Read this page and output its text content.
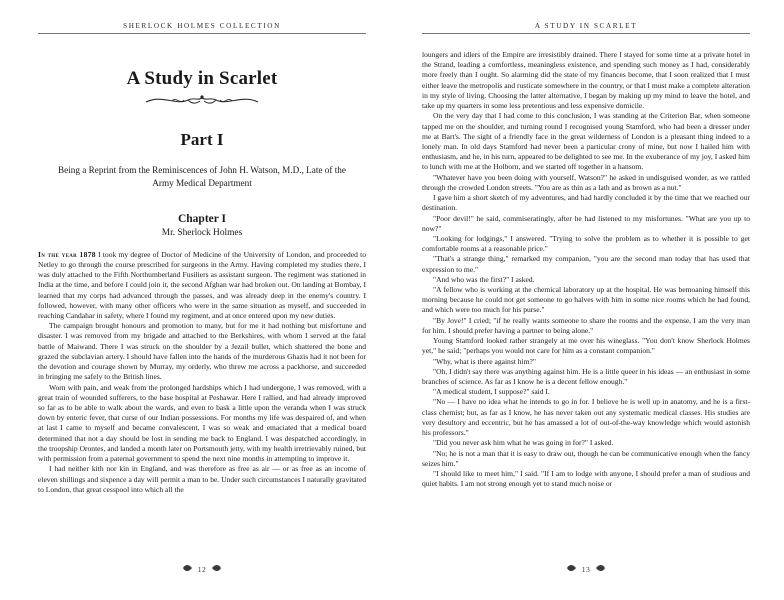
SHERLOCK HOLMES COLLECTION
A Study in Scarlet
Part I
Being a Reprint from the Reminiscences of John H. Watson, M.D., Late of the Army Medical Department
Chapter I
Mr. Sherlock Holmes

In the year 1878 I took my degree of Doctor of Medicine of the University of London, and proceeded to Netley to go through the course prescribed for surgeons in the Army. Having completed my studies there, I was duly attached to the Fifth Northumberland Fusiliers as assistant surgeon. The regiment was stationed in India at the time, and before I could join it, the second Afghan war had broken out. On landing at Bombay, I learned that my corps had advanced through the passes, and was already deep in the enemy's country. I followed, however, with many other officers who were in the same situation as myself, and succeeded in reaching Candahar in safety, where I found my regiment, and at once entered upon my new duties.

The campaign brought honours and promotion to many, but for me it had nothing but misfortune and disaster. I was removed from my brigade and attached to the Berkshires, with whom I served at the fatal battle of Maiwand. There I was struck on the shoulder by a Jezail bullet, which shattered the bone and grazed the subclavian artery. I should have fallen into the hands of the murderous Ghazis had it not been for the devotion and courage shown by Murray, my orderly, who threw me across a packhorse, and succeeded in bringing me safely to the British lines.

Worn with pain, and weak from the prolonged hardships which I had undergone, I was removed, with a great train of wounded sufferers, to the base hospital at Peshawar. Here I rallied, and had already improved so far as to be able to walk about the wards, and even to bask a little upon the veranda when I was struck down by enteric fever, that curse of our Indian possessions. For months my life was despaired of, and when at last I came to myself and became convalescent, I was so weak and emaciated that a medical board determined that not a day should be lost in sending me back to England. I was despatched accordingly, in the troopship Orontes, and landed a month later on Portsmouth jetty, with my health irretrievably ruined, but with permission from a paternal government to spend the next nine months in attempting to improve it.

I had neither kith nor kin in England, and was therefore as free as air — or as free as an income of eleven shillings and sixpence a day will permit a man to be. Under such circumstances I naturally gravitated to London, that great cesspool into which all the

12
A STUDY IN SCARLET

loungers and idlers of the Empire are irresistibly drained. There I stayed for some time at a private hotel in the Strand, leading a comfortless, meaningless existence, and spending such money as I had, considerably more freely than I ought. So alarming did the state of my finances become, that I soon realized that I must either leave the metropolis and rusticate somewhere in the country, or that I must make a complete alteration in my style of living. Choosing the latter alternative, I began by making up my mind to leave the hotel, and take up my quarters in some less pretentious and less expensive domicile.

On the very day that I had come to this conclusion, I was standing at the Criterion Bar, when someone tapped me on the shoulder, and turning round I recognised young Stamford, who had been a dresser under me at Bart's. The sight of a friendly face in the great wilderness of London is a pleasant thing indeed to a lonely man. In old days Stamford had never been a particular crony of mine, but now I hailed him with enthusiasm, and he, in his turn, appeared to be delighted to see me. In the exuberance of my joy, I asked him to lunch with me at the Holborn, and we started off together in a hansom.

"Whatever have you been doing with yourself, Watson?" he asked in undisguised wonder, as we rattled through the crowded London streets. "You are as thin as a lath and as brown as a nut."

I gave him a short sketch of my adventures, and had hardly concluded it by the time that we reached our destination.

"Poor devil!" he said, commiseratingly, after he had listened to my misfortunes. "What are you up to now?"

"Looking for lodgings," I answered. "Trying to solve the problem as to whether it is possible to get comfortable rooms at a reasonable price."

"That's a strange thing," remarked my companion, "you are the second man today that has used that expression to me."

"And who was the first?" I asked.

"A fellow who is working at the chemical laboratory up at the hospital. He was bemoaning himself this morning because he could not get someone to go halves with him in some nice rooms which he had found, and which were too much for his purse."

"By Jove!" I cried; "if he really wants someone to share the rooms and the expense, I am the very man for him. I should prefer having a partner to being alone."

Young Stamford looked rather strangely at me over his wineglass. "You don't know Sherlock Holmes yet," he said; "perhaps you would not care for him as a constant companion."

"Why, what is there against him?"

"Oh, I didn't say there was anything against him. He is a little queer in his ideas — an enthusiast in some branches of science. As far as I know he is a decent fellow enough."

"A medical student, I suppose?" said I.

"No — I have no idea what he intends to go in for. I believe he is well up in anatomy, and he is a first-class chemist; but, as far as I know, he has never taken out any systematic medical classes. His studies are very desultory and eccentric, but he has amassed a lot of out-of-the-way knowledge which would astonish his professors."

"Did you never ask him what he was going in for?" I asked.

"No; he is not a man that it is easy to draw out, though he can be communicative enough when the fancy seizes him."

"I should like to meet him," I said. "If I am to lodge with anyone, I should prefer a man of studious and quiet habits. I am not strong enough yet to stand much noise or

13
